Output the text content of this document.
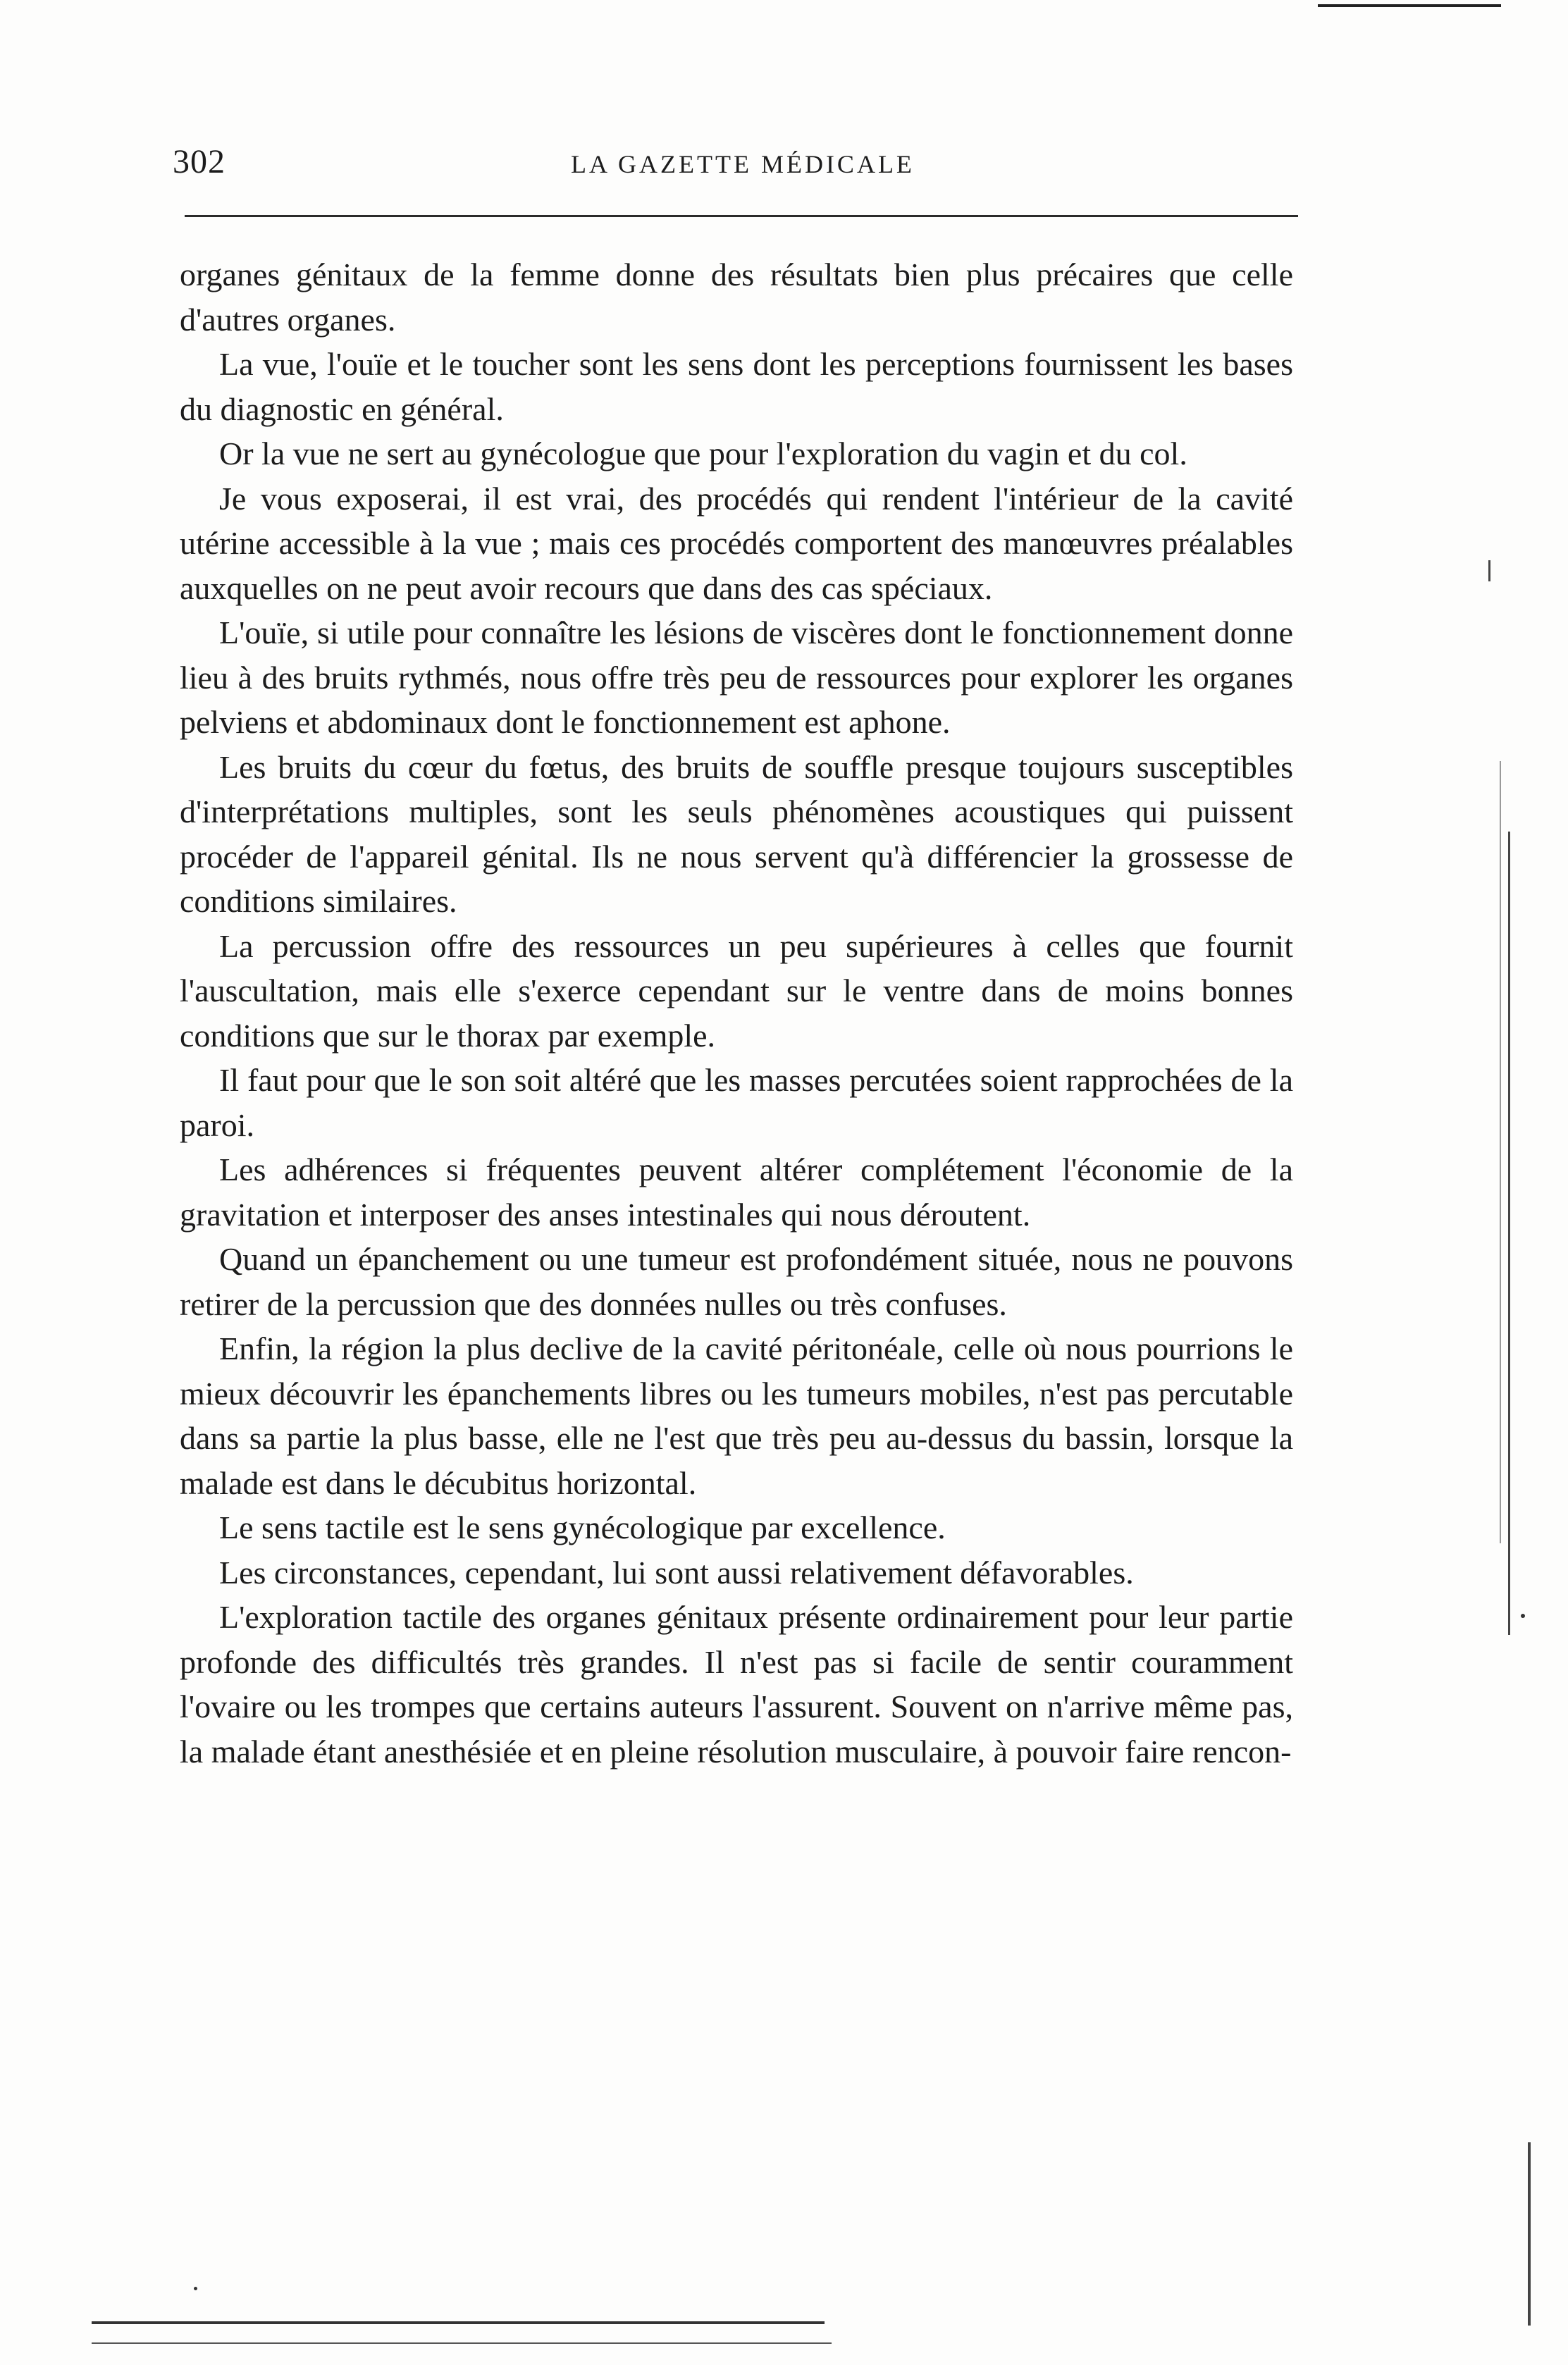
302	LA GAZETTE MÉDICALE

organes génitaux de la femme donne des résultats bien plus précaires que celle d'autres organes.

La vue, l'ouïe et le toucher sont les sens dont les perceptions fournissent les bases du diagnostic en général.

Or la vue ne sert au gynécologue que pour l'exploration du vagin et du col.

Je vous exposerai, il est vrai, des procédés qui rendent l'intérieur de la cavité utérine accessible à la vue ; mais ces procédés comportent des manœuvres préalables auxquelles on ne peut avoir recours que dans des cas spéciaux.

L'ouïe, si utile pour connaître les lésions de viscères dont le fonctionnement donne lieu à des bruits rythmés, nous offre très peu de ressources pour explorer les organes pelviens et abdominaux dont le fonctionnement est aphone.

Les bruits du cœur du fœtus, des bruits de souffle presque toujours susceptibles d'interprétations multiples, sont les seuls phénomènes acoustiques qui puissent procéder de l'appareil génital. Ils ne nous servent qu'à différencier la grossesse de conditions similaires.

La percussion offre des ressources un peu supérieures à celles que fournit l'auscultation, mais elle s'exerce cependant sur le ventre dans de moins bonnes conditions que sur le thorax par exemple.

Il faut pour que le son soit altéré que les masses percutées soient rapprochées de la paroi.

Les adhérences si fréquentes peuvent altérer complétement l'économie de la gravitation et interposer des anses intestinales qui nous déroutent.

Quand un épanchement ou une tumeur est profondément située, nous ne pouvons retirer de la percussion que des données nulles ou très confuses.

Enfin, la région la plus declive de la cavité péritonéale, celle où nous pourrions le mieux découvrir les épanchements libres ou les tumeurs mobiles, n'est pas percutable dans sa partie la plus basse, elle ne l'est que très peu au-dessus du bassin, lorsque la malade est dans le décubitus horizontal.

Le sens tactile est le sens gynécologique par excellence.

Les circonstances, cependant, lui sont aussi relativement défavorables.

L'exploration tactile des organes génitaux présente ordinairement pour leur partie profonde des difficultés très grandes. Il n'est pas si facile de sentir couramment l'ovaire ou les trompes que certains auteurs l'assurent. Souvent on n'arrive même pas, la malade étant anesthésiée et en pleine résolution musculaire, à pouvoir faire rencon-
